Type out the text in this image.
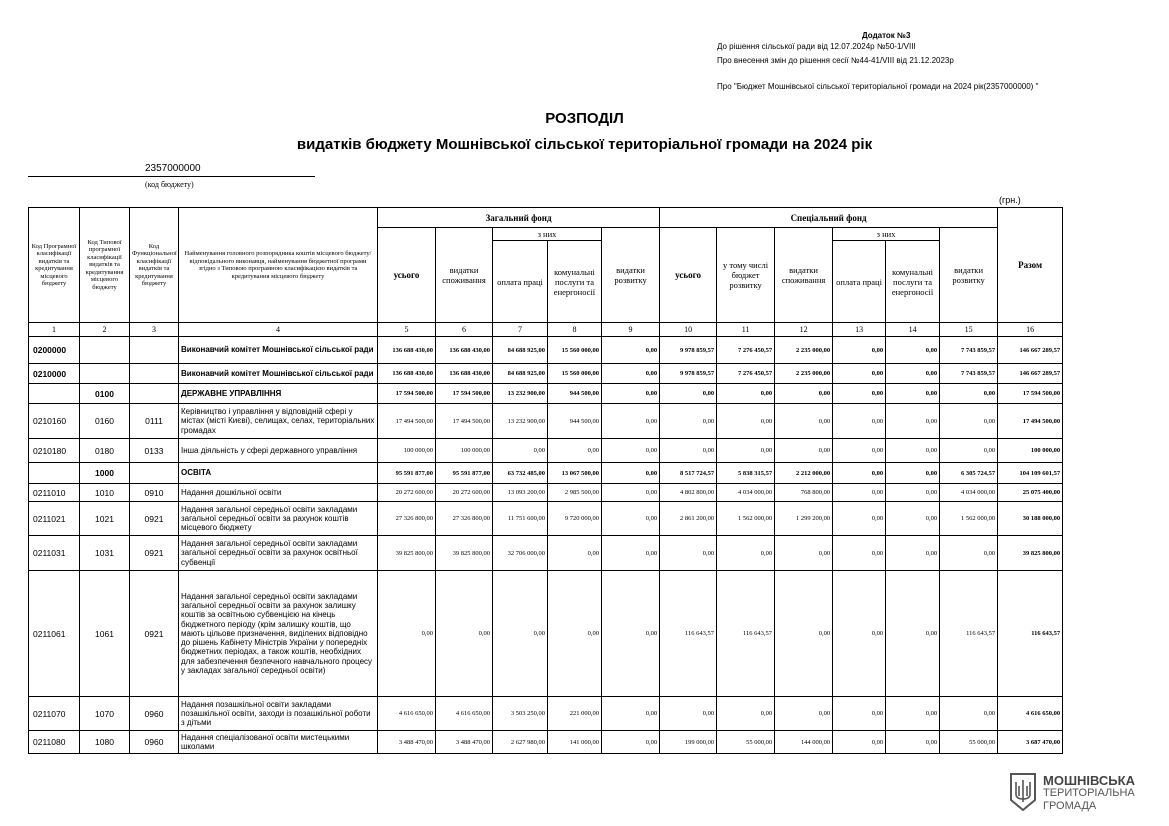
Додаток №3
До рішення сільської ради від 12.07.2024р №50-1/VIII
Про внесення змін до рішення сесії №44-41/VIII від 21.12.2023р
Про "Бюджет Мошнівської сільської територіальної громади на 2024 рік(2357000000) "
РОЗПОДІЛ
видатків бюджету Мошнівської сільської територіальної громади на 2024 рік
2357000000
(код бюджету)
(грн.)
Код Програмної класифікації видатків та кредитування місцевого бюджету	Код Типової програмної класифікації видатків та кредитування місцевого бюджету	Код Функціональної класифікації видатків та кредитування бюджету	Найменування головного розпорядника коштів місцевого бюджету/ відповідального виконавця, найменування бюджетної програми згідно з Типовою програмною класифікацією видатків та кредитування місцевого бюджету	Загальний фонд					Спеціальний фонд						Разом
				усього	видатки споживання	з них		видатки розвитку	усього	у тому числі бюджет розвитку	видатки споживання	з них		видатки розвитку	
						оплата праці	комунальні послуги та енергоносії					оплата праці	комунальні послуги та енергоносії		
1	2	3	4	5	6	7	8	9	10	11	12	13	14	15	16
0200000			Виконавчий комітет Мошнівської сільської ради	136 688 430,00	136 688 430,00	84 688 925,00	15 560 000,00	0,00	9 978 859,57	7 276 450,57	2 235 000,00	0,00	0,00	7 743 859,57	146 667 289,57
0210000			Виконавчий комітет Мошнівської сільської ради	136 688 430,00	136 688 430,00	84 688 925,00	15 560 000,00	0,00	9 978 859,57	7 276 450,57	2 235 000,00	0,00	0,00	7 743 859,57	146 667 289,57
	0100		ДЕРЖАВНЕ УПРАВЛІННЯ	17 594 500,00	17 594 500,00	13 232 900,00	944 500,00	0,00	0,00	0,00	0,00	0,00	0,00	0,00	17 594 500,00
0210160	0160	0111	Керівництво і управління у відповідній сфері у містах (місті Києві), селищах, селах, територіальних громадах	17 494 500,00	17 494 500,00	13 232 900,00	944 500,00	0,00	0,00	0,00	0,00	0,00	0,00	0,00	17 494 500,00
0210180	0180	0133	Інша діяльність у сфері державного управління	100 000,00	100 000,00	0,00	0,00	0,00	0,00	0,00	0,00	0,00	0,00	0,00	100 000,00
	1000		ОСВІТА	95 591 877,00	95 591 877,00	63 732 485,00	13 067 500,00	0,00	8 517 724,57	5 838 315,57	2 212 000,00	0,00	0,00	6 305 724,57	104 109 601,57
0211010	1010	0910	Надання дошкільної освіти	20 272 600,00	20 272 600,00	13 093 200,00	2 985 500,00	0,00	4 802 800,00	4 034 000,00	768 800,00	0,00	0,00	4 034 000,00	25 075 400,00
0211021	1021	0921	Надання загальної середньої освіти закладами загальної середньої освіти за рахунок коштів місцевого бюджету	27 326 800,00	27 326 800,00	11 751 600,00	9 720 000,00	0,00	2 861 200,00	1 562 000,00	1 299 200,00	0,00	0,00	1 562 000,00	30 188 000,00
0211031	1031	0921	Надання загальної середньої освіти закладами загальної середньої освіти за рахунок освітньої субвенції	39 825 800,00	39 825 800,00	32 706 000,00	0,00	0,00	0,00	0,00	0,00	0,00	0,00	0,00	39 825 800,00
0211061	1061	0921	Надання загальної середньої освіти закладами загальної середньої освіти за рахунок залишку коштів за освітньою субвенцією на кінець бюджетного періоду (крім залишку коштів, що мають цільове призначення, виділених відповідно до рішень Кабінету Міністрів України у попередніх бюджетних періодах, а також коштів, необхідних для забезпечення безпечного навчального процесу у закладах загальної середньої освіти)	0,00	0,00	0,00	0,00	0,00	116 643,57	116 643,57	0,00	0,00	0,00	116 643,57	116 643,57
0211070	1070	0960	Надання позашкільної освіти закладами позашкільної освіти, заходи із позашкільної роботи з дітьми	4 616 650,00	4 616 650,00	3 503 250,00	221 000,00	0,00	0,00	0,00	0,00	0,00	0,00	0,00	4 616 650,00
0211080	1080	0960	Надання спеціалізованої освіти мистецькими школами	3 488 470,00	3 488 470,00	2 627 980,00	141 000,00	0,00	199 000,00	55 000,00	144 000,00	0,00	0,00	55 000,00	3 687 470,00
МОШНІВСЬКА
ТЕРИТОРІАЛЬНА
ГРОМАДА
